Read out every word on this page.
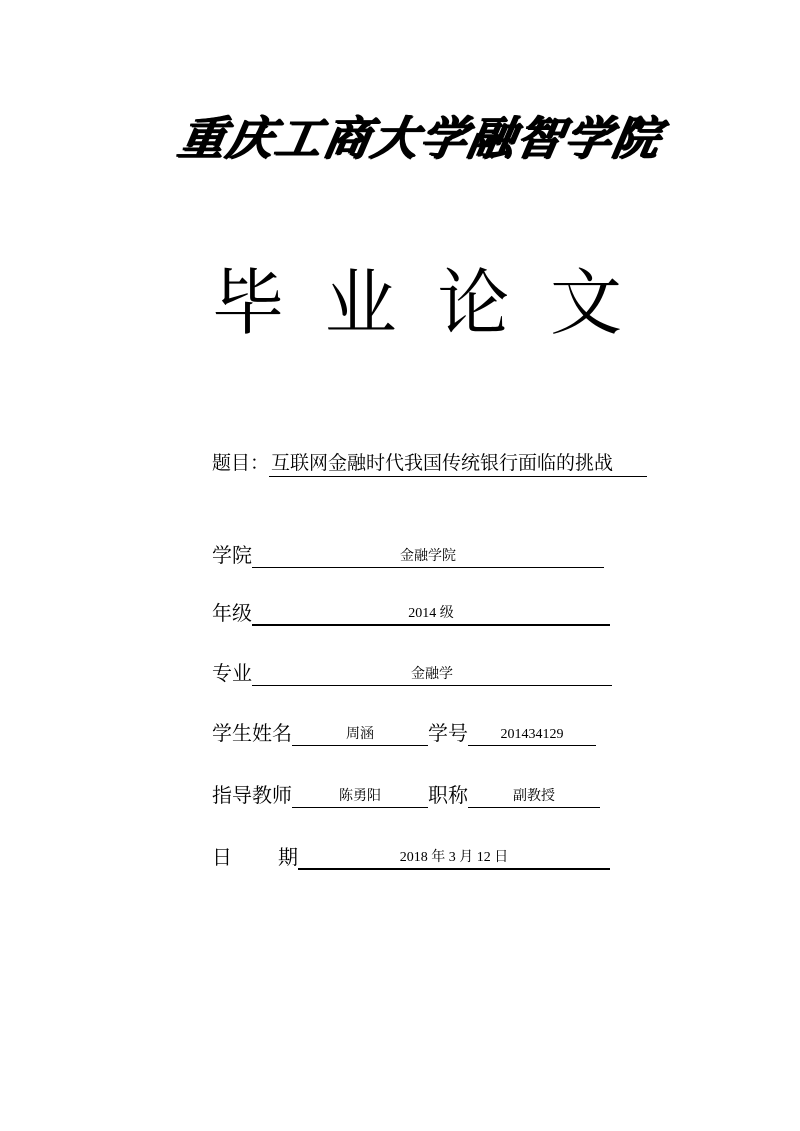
重
庆
工
商
大
学
融
智
学
院
毕 业 论 文
题目： 互联网金融时代我国传统银行面临的挑战
学院	金融学院
年级	2014 级
专业	金融学
学生姓名	周涵	学号	201434129
指导教师	陈勇阳	职称	副教授
日 期	2018 年 3 月 12 日
